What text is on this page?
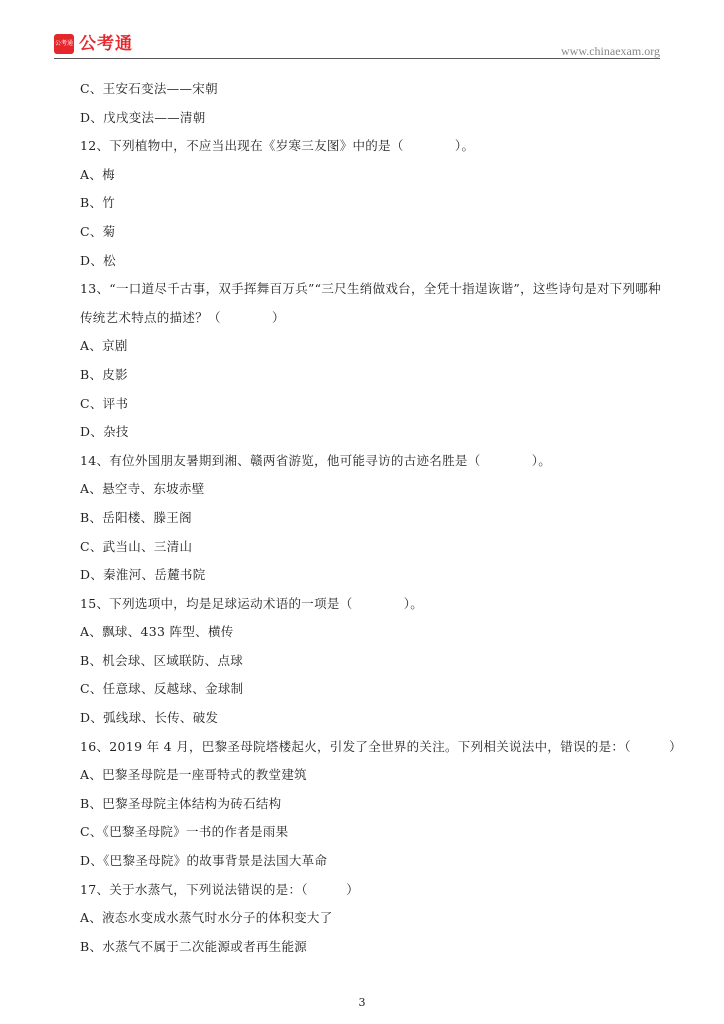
公考通 公考通	www.chinaexam.org
C、王安石变法——宋朝
D、戊戌变法——清朝
12、下列植物中，不应当出现在《岁寒三友图》中的是（　　　　）。
A、梅
B、竹
C、菊
D、松
13、“一口道尽千古事，双手挥舞百万兵”“三尺生绡做戏台，全凭十指逞诙谐”，这些诗句是对下列哪种传统艺术特点的描述？（　　　　）
A、京剧
B、皮影
C、评书
D、杂技
14、有位外国朋友暑期到湘、赣两省游览，他可能寻访的古迹名胜是（　　　　）。
A、悬空寺、东坡赤壁
B、岳阳楼、滕王阁
C、武当山、三清山
D、秦淮河、岳麓书院
15、下列选项中，均是足球运动术语的一项是（　　　　）。
A、飘球、433 阵型、横传
B、机会球、区域联防、点球
C、任意球、反越球、金球制
D、弧线球、长传、破发
16、2019 年 4 月，巴黎圣母院塔楼起火，引发了全世界的关注。下列相关说法中，错误的是：（　　　）
A、巴黎圣母院是一座哥特式的教堂建筑
B、巴黎圣母院主体结构为砖石结构
C、《巴黎圣母院》一书的作者是雨果
D、《巴黎圣母院》的故事背景是法国大革命
17、关于水蒸气，下列说法错误的是：（　　　）
A、液态水变成水蒸气时水分子的体积变大了
B、水蒸气不属于二次能源或者再生能源
3
